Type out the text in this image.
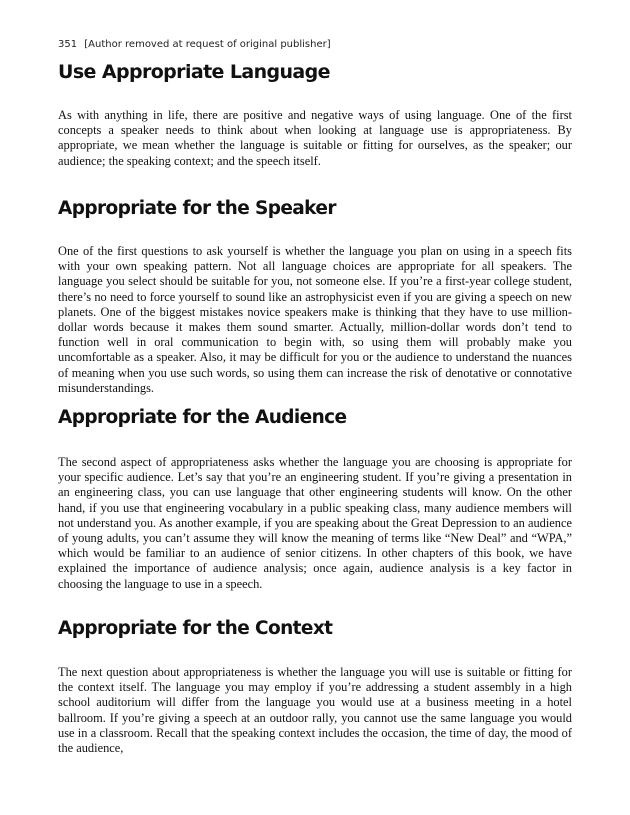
351 [Author removed at request of original publisher]
Use Appropriate Language

As with anything in life, there are positive and negative ways of using language. One of the first concepts a speaker needs to think about when looking at language use is appropriateness. By appropriate, we mean whether the language is suitable or fitting for ourselves, as the speaker; our audience; the speaking context; and the speech itself.

Appropriate for the Speaker

One of the first questions to ask yourself is whether the language you plan on using in a speech fits with your own speaking pattern. Not all language choices are appropriate for all speakers. The language you select should be suitable for you, not someone else. If you’re a first-year college student, there’s no need to force yourself to sound like an astrophysicist even if you are giving a speech on new planets. One of the biggest mistakes novice speakers make is thinking that they have to use million-dollar words because it makes them sound smarter. Actually, million-dollar words don’t tend to function well in oral communication to begin with, so using them will probably make you uncomfortable as a speaker. Also, it may be difficult for you or the audience to understand the nuances of meaning when you use such words, so using them can increase the risk of denotative or connotative misunderstandings.

Appropriate for the Audience

The second aspect of appropriateness asks whether the language you are choosing is appropriate for your specific audience. Let’s say that you’re an engineering student. If you’re giving a presentation in an engineering class, you can use language that other engineering students will know. On the other hand, if you use that engineering vocabulary in a public speaking class, many audience members will not understand you. As another example, if you are speaking about the Great Depression to an audience of young adults, you can’t assume they will know the meaning of terms like “New Deal” and “WPA,” which would be familiar to an audience of senior citizens. In other chapters of this book, we have explained the importance of audience analysis; once again, audience analysis is a key factor in choosing the language to use in a speech.

Appropriate for the Context

The next question about appropriateness is whether the language you will use is suitable or fitting for the context itself. The language you may employ if you’re addressing a student assembly in a high school auditorium will differ from the language you would use at a business meeting in a hotel ballroom. If you’re giving a speech at an outdoor rally, you cannot use the same language you would use in a classroom. Recall that the speaking context includes the occasion, the time of day, the mood of the audience,
